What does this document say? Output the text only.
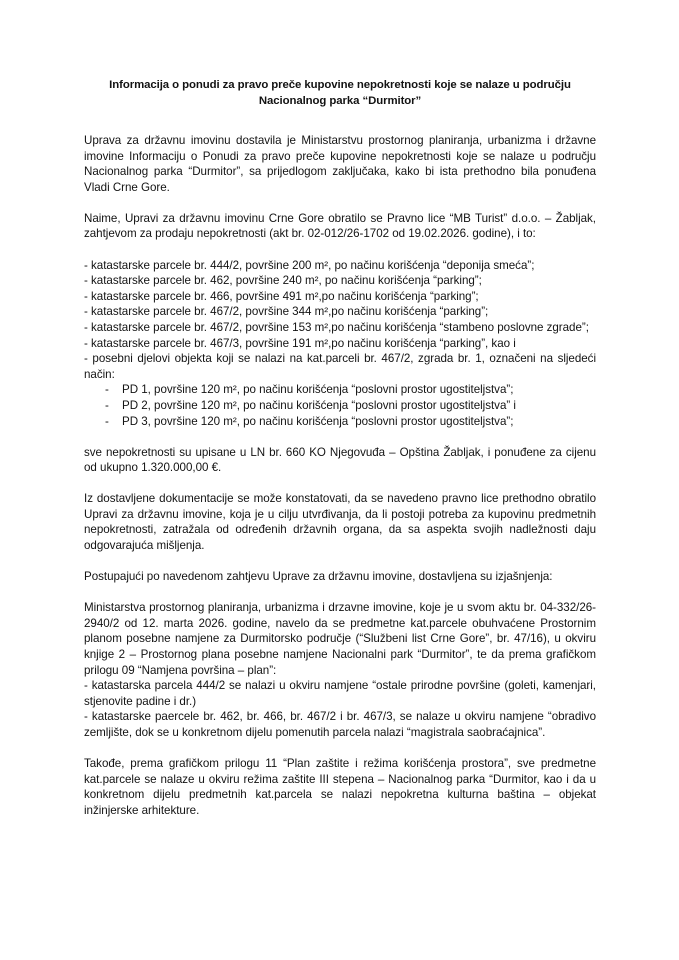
Informacija o ponudi za pravo preče kupovine nepokretnosti koje se nalaze u području Nacionalnog parka “Durmitor”

Uprava za državnu imovinu dostavila je Ministarstvu prostornog planiranja, urbanizma i državne imovine Informaciju o Ponudi za pravo preče kupovine nepokretnosti koje se nalaze u području Nacionalnog parka “Durmitor”, sa prijedlogom zaključaka, kako bi ista prethodno bila ponuđena Vladi Crne Gore.

Naime, Upravi za državnu imovinu Crne Gore obratilo se Pravno lice “MB Turist” d.o.o. – Žabljak, zahtjevom za prodaju nepokretnosti (akt br. 02-012/26-1702 od 19.02.2026. godine), i to:

- katastarske parcele br. 444/2, površine 200 m², po načinu korišćenja “deponija smeća”;
- katastarske parcele br. 462, površine 240 m², po načinu korišćenja “parking”;
- katastarske parcele br. 466, površine 491 m²,po načinu korišćenja “parking”;
- katastarske parcele br. 467/2, površine 344 m²,po načinu korišćenja “parking”;
- katastarske parcele br. 467/2, površine 153 m²,po načinu korišćenja “stambeno poslovne zgrade”;
- katastarske parcele br. 467/3, površine 191 m²,po načinu korišćenja “parking”, kao i
- posebni djelovi objekta koji se nalazi na kat.parceli br. 467/2, zgrada br. 1, označeni na sljedeći način:
- PD 1, površine 120 m², po načinu korišćenja “poslovni prostor ugostiteljstva”;
- PD 2, površine 120 m², po načinu korišćenja “poslovni prostor ugostiteljstva” i
- PD 3, površine 120 m², po načinu korišćenja “poslovni prostor ugostiteljstva”;

sve nepokretnosti su upisane u LN br. 660 KO Njegovuđa – Opština Žabljak, i ponuđene za cijenu od ukupno 1.320.000,00 €.

Iz dostavljene dokumentacije se može konstatovati, da se navedeno pravno lice prethodno obratilo Upravi za državnu imovine, koja je u cilju utvrđivanja, da li postoji potreba za kupovinu predmetnih nepokretnosti, zatražala od određenih državnih organa, da sa aspekta svojih nadležnosti daju odgovarajuća mišljenja.

Postupajući po navedenom zahtjevu Uprave za državnu imovine, dostavljena su izjašnjenja:

Ministarstva prostornog planiranja, urbanizma i drzavne imovine, koje je u svom aktu br. 04-332/26-2940/2 od 12. marta 2026. godine, navelo da se predmetne kat.parcele obuhvaćene Prostornim planom posebne namjene za Durmitorsko područje (“Službeni list Crne Gore”, br. 47/16), u okviru knjige 2 – Prostornog plana posebne namjene Nacionalni park “Durmitor”, te da prema grafičkom prilogu 09 “Namjena površina – plan”:

- katastarska parcela 444/2 se nalazi u okviru namjene “ostale prirodne površine (goleti, kamenjari, stjenovite padine i dr.)
- katastarske paercele br. 462, br. 466, br. 467/2 i br. 467/3, se nalaze u okviru namjene “obradivo zemljište, dok se u konkretnom dijelu pomenutih parcela nalazi “magistrala saobraćajnica”.

Takođe, prema grafičkom prilogu 11 “Plan zaštite i režima korišćenja prostora”, sve predmetne kat.parcele se nalaze u okviru režima zaštite III stepena – Nacionalnog parka “Durmitor, kao i da u konkretnom dijelu predmetnih kat.parcela se nalazi nepokretna kulturna baština – objekat inžinjerske arhitekture.
